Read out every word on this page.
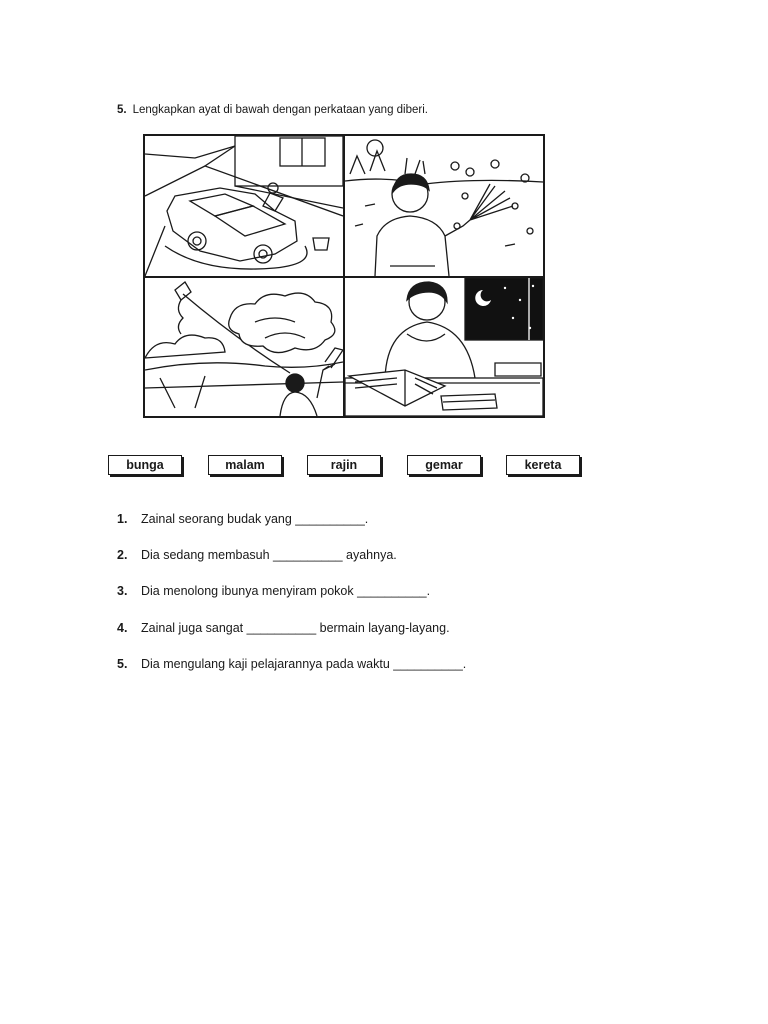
5. Lengkapkan ayat di bawah dengan perkataan yang diberi.
bunga	malam	rajin	gemar	kereta
1. Zainal seorang budak yang __________.
2. Dia sedang membasuh __________ ayahnya.
3. Dia menolong ibunya menyiram pokok __________.
4. Zainal juga sangat __________ bermain layang-layang.
5. Dia mengulang kaji pelajarannya pada waktu __________.
